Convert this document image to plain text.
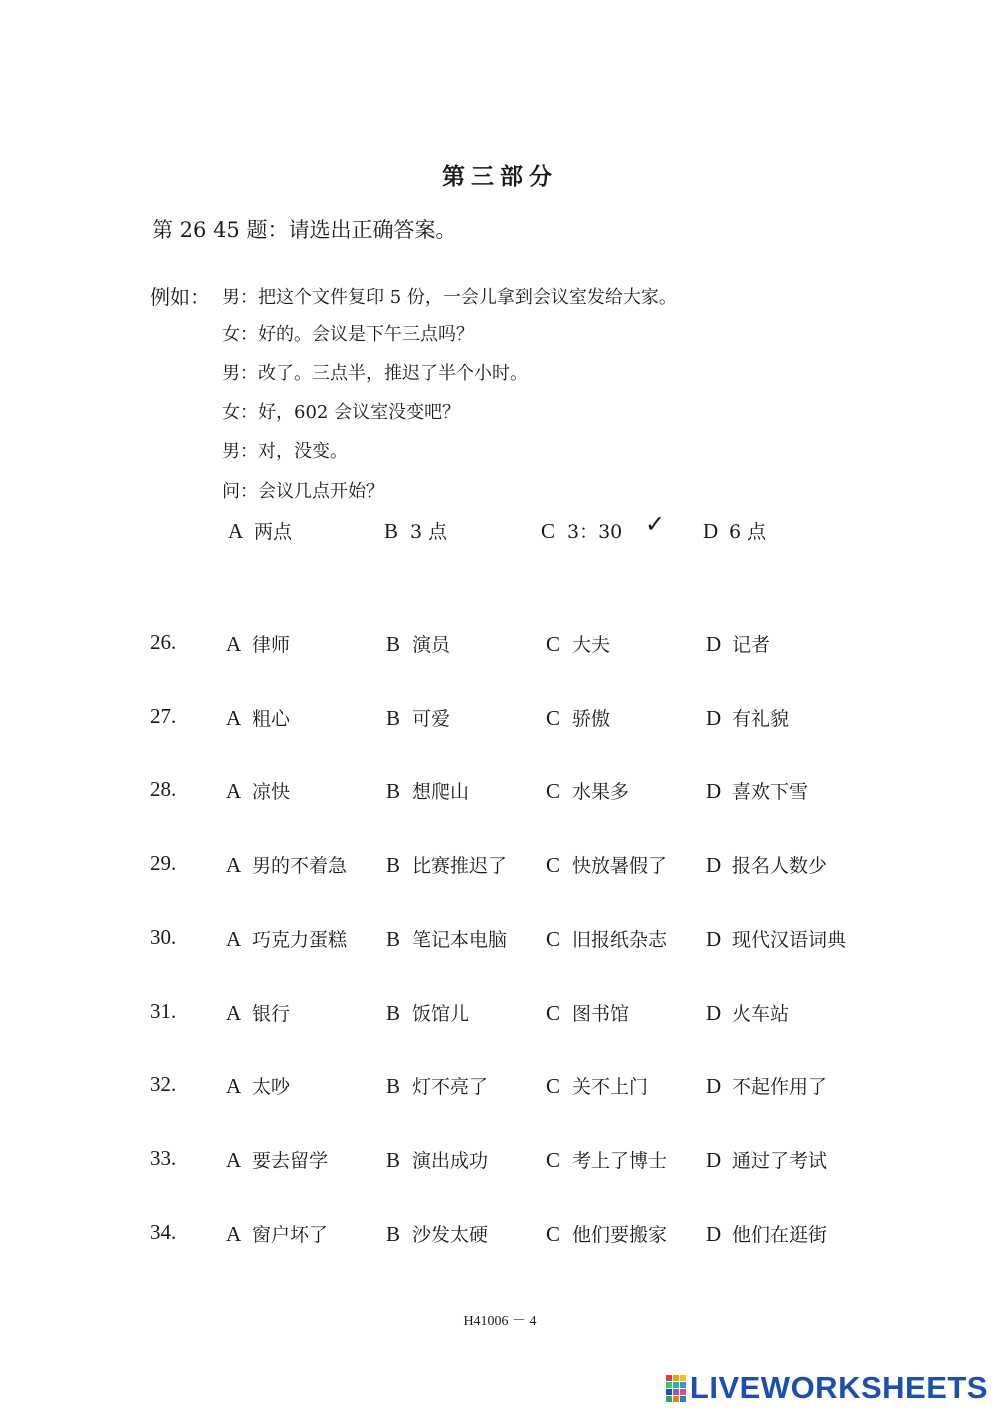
第三部分
第 26 45 题：请选出正确答案。
例如： 男：把这个文件复印 5 份，一会儿拿到会议室发给大家。
女：好的。会议是下午三点吗？
男：改了。三点半，推迟了半个小时。
女：好，602 会议室没变吧？
男：对，没变。
问：会议几点开始？
A 两点	B 3 点	C 3：30 ✓ D 6 点
26. A 律师	B 演员	C 大夫	D 记者
27. A 粗心	B 可爱	C 骄傲	D 有礼貌
28. A 凉快	B 想爬山	C 水果多	D 喜欢下雪
29. A 男的不着急 B 比赛推迟了 C 快放暑假了 D 报名人数少
30. A 巧克力蛋糕 B 笔记本电脑 C 旧报纸杂志 D 现代汉语词典
31. A 银行	B 饭馆儿	C 图书馆	D 火车站
32. A 太吵	B 灯不亮了	C 关不上门	D 不起作用了
33. A 要去留学	B 演出成功	C 考上了博士 D 通过了考试
34. A 窗户坏了	B 沙发太硬	C 他们要搬家 D 他们在逛街
H41006 － 4
LIVEWORKSHEETS
